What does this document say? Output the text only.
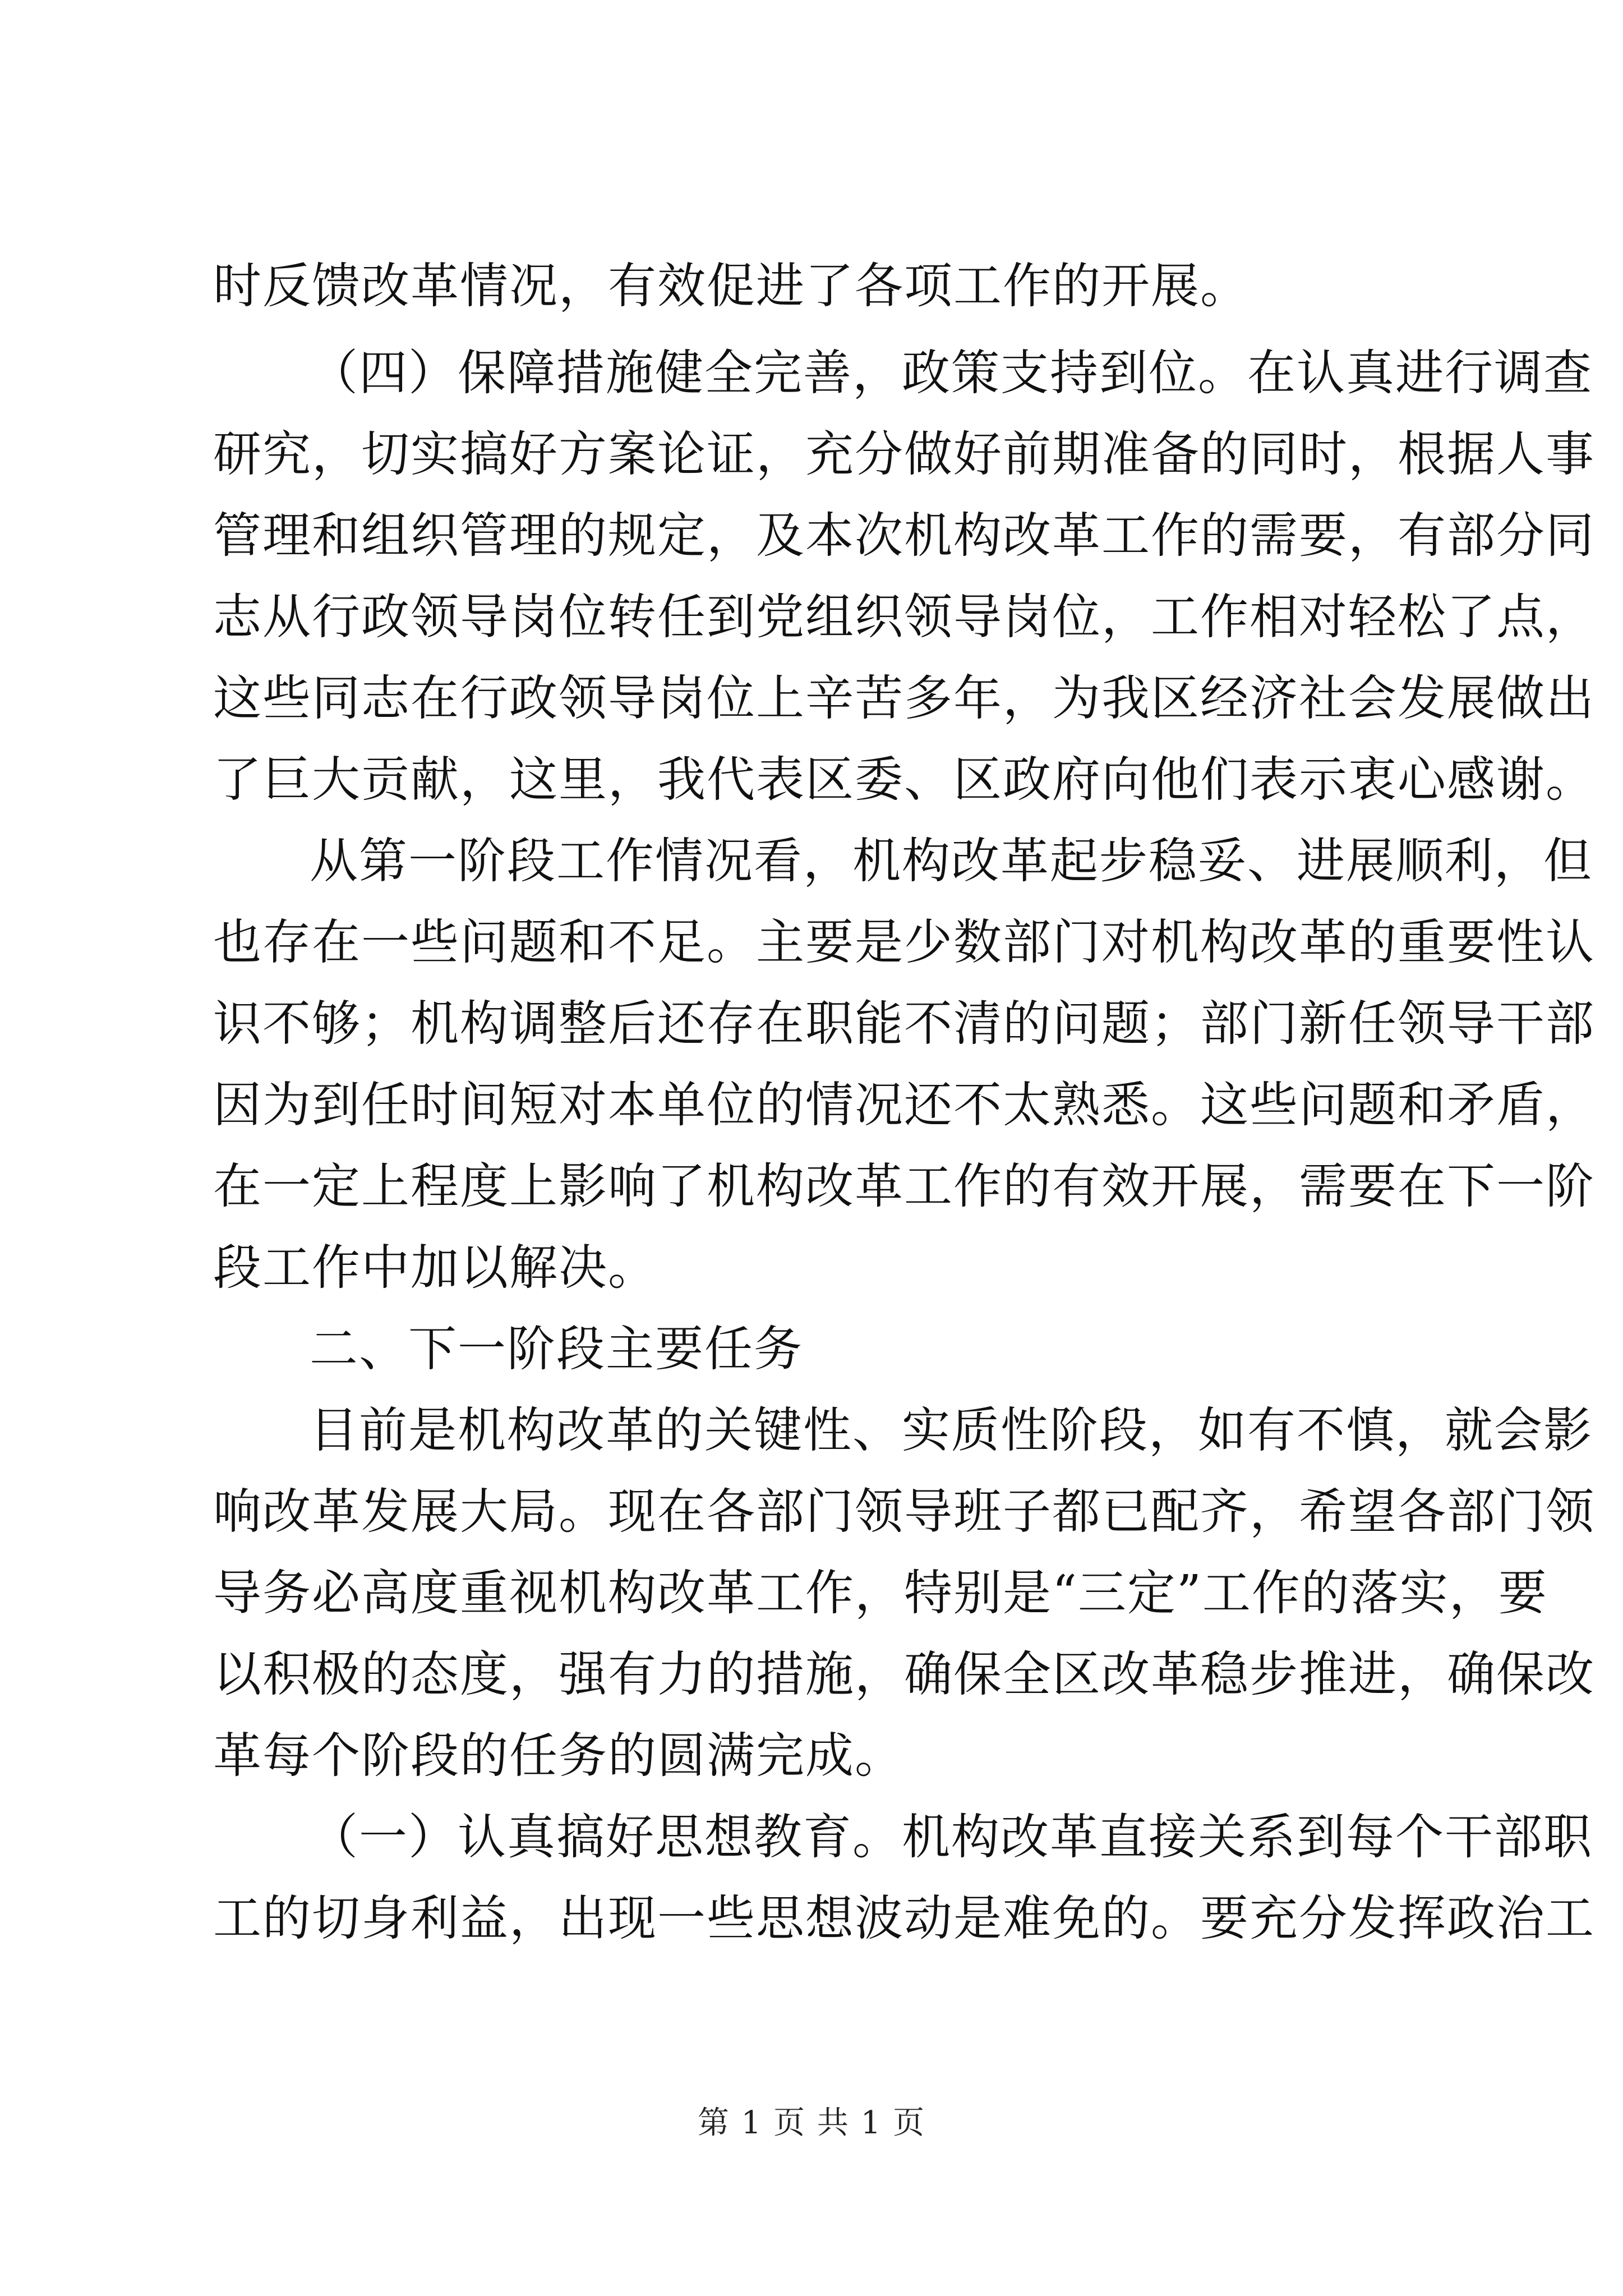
时反馈改革情况，有效促进了各项工作的开展。
（四）保障措施健全完善，政策支持到位。在认真进行调查
研究，切实搞好方案论证，充分做好前期准备的同时，根据人事
管理和组织管理的规定，及本次机构改革工作的需要，有部分同
志从行政领导岗位转任到党组织领导岗位，工作相对轻松了点，
这些同志在行政领导岗位上辛苦多年，为我区经济社会发展做出
了巨大贡献，这里，我代表区委、区政府向他们表示衷心感谢。
从第一阶段工作情况看，机构改革起步稳妥、进展顺利，但
也存在一些问题和不足。主要是少数部门对机构改革的重要性认
识不够；机构调整后还存在职能不清的问题；部门新任领导干部
因为到任时间短对本单位的情况还不太熟悉。这些问题和矛盾，
在一定上程度上影响了机构改革工作的有效开展，需要在下一阶
段工作中加以解决。
二、下一阶段主要任务
目前是机构改革的关键性、实质性阶段，如有不慎，就会影
响改革发展大局。现在各部门领导班子都已配齐，希望各部门领
导务必高度重视机构改革工作，特别是“三定”工作的落实，要
以积极的态度，强有力的措施，确保全区改革稳步推进，确保改
革每个阶段的任务的圆满完成。
（一）认真搞好思想教育。机构改革直接关系到每个干部职
工的切身利益，出现一些思想波动是难免的。要充分发挥政治工
第 1 页 共 1 页
